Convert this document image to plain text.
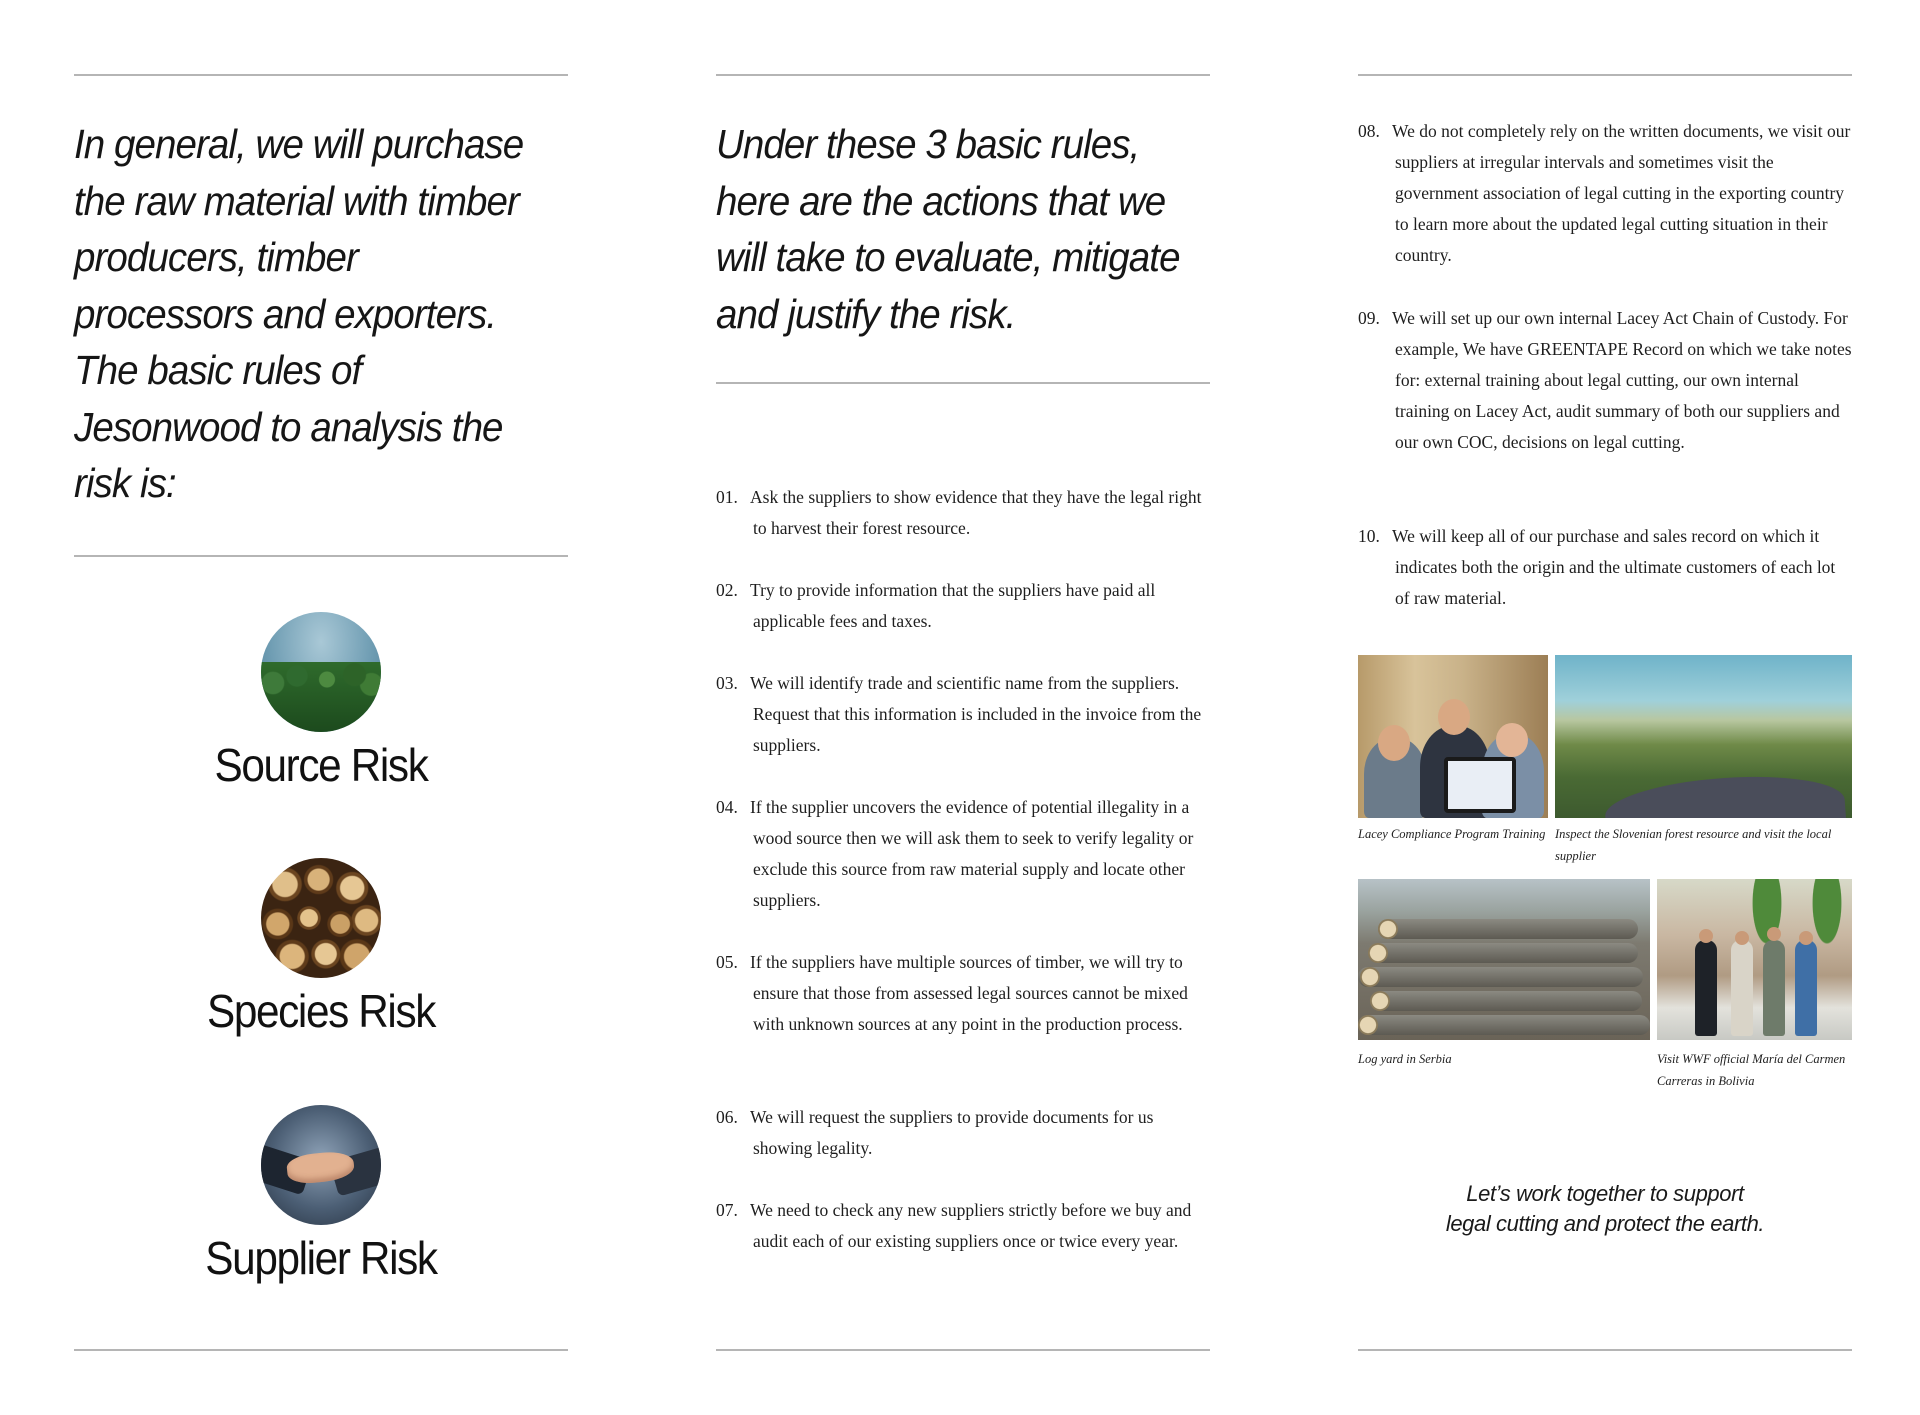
In general, we will purchase the raw material with timber producers, timber processors and exporters. The basic rules of Jesonwood to analysis the risk is:

Source Risk
Species Risk
Supplier Risk

Under these 3 basic rules, here are the actions that we will take to evaluate, mitigate and justify the risk.

01. Ask the suppliers to show evidence that they have the legal right to harvest their forest resource.

02. Try to provide information that the suppliers have paid all applicable fees and taxes.

03. We will identify trade and scientific name from the suppliers. Request that this information is included in the invoice from the suppliers.

04. If the supplier uncovers the evidence of potential illegality in a wood source then we will ask them to seek to verify legality or exclude this source from raw material supply and locate other suppliers.

05. If the suppliers have multiple sources of timber, we will try to ensure that those from assessed legal sources cannot be mixed with unknown sources at any point in the production process.

06. We will request the suppliers to provide documents for us showing legality.

07. We need to check any new suppliers strictly before we buy and audit each of our existing suppliers once or twice every year.

08. We do not completely rely on the written documents, we visit our suppliers at irregular intervals and sometimes visit the government association of legal cutting in the exporting country to learn more about the updated legal cutting situation in their country.

09. We will set up our own internal Lacey Act Chain of Custody. For example, We have GREENTAPE Record on which we take notes for: external training about legal cutting, our own internal training on Lacey Act, audit summary of both our suppliers and our own COC, decisions on legal cutting.

10. We will keep all of our purchase and sales record on which it indicates both the origin and the ultimate customers of each lot of raw material.

Lacey Compliance Program Training Inspect the Slovenian forest resource and visit the local supplier

Log yard in Serbia	Visit WWF official María del Carmen Carreras in Bolivia

Let’s work together to support
legal cutting and protect the earth.
